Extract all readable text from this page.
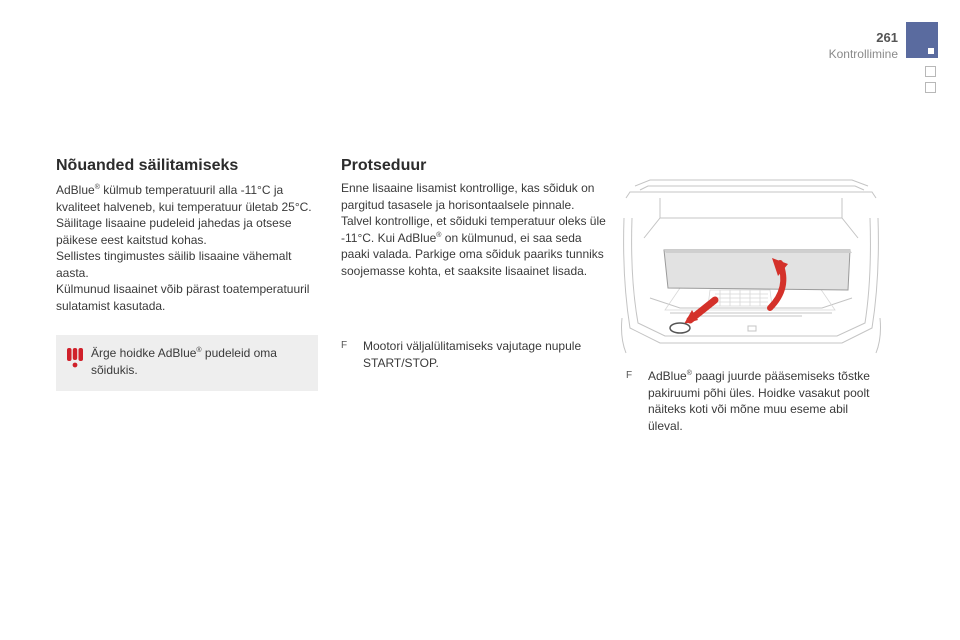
261
Kontrollimine
Nõuanded säilitamiseks

AdBlue® külmub temperatuuril alla -11°C ja kvaliteet halveneb, kui temperatuur ületab 25°C. Säilitage lisaaine pudeleid jahedas ja otsese päikese eest kaitstud kohas.

Sellistes tingimustes säilib lisaaine vähemalt aasta.

Külmunud lisaainet võib pärast toatemperatuuril sulatamist kasutada.

Ärge hoidke AdBlue® pudeleid oma sõidukis.
Protseduur

Enne lisaaine lisamist kontrollige, kas sõiduk on pargitud tasasele ja horisontaalsele pinnale. Talvel kontrollige, et sõiduki temperatuur oleks üle -11°C. Kui AdBlue® on külmunud, ei saa seda paaki valada. Parkige oma sõiduk paariks tunniks soojemasse kohta, et saaksite lisaainet lisada.

F	Mootori väljalülitamiseks vajutage nupule START/STOP.
F	AdBlue® paagi juurde pääsemiseks tõstke pakiruumi põhi üles. Hoidke vasakut poolt näiteks koti või mõne muu eseme abil üleval.
